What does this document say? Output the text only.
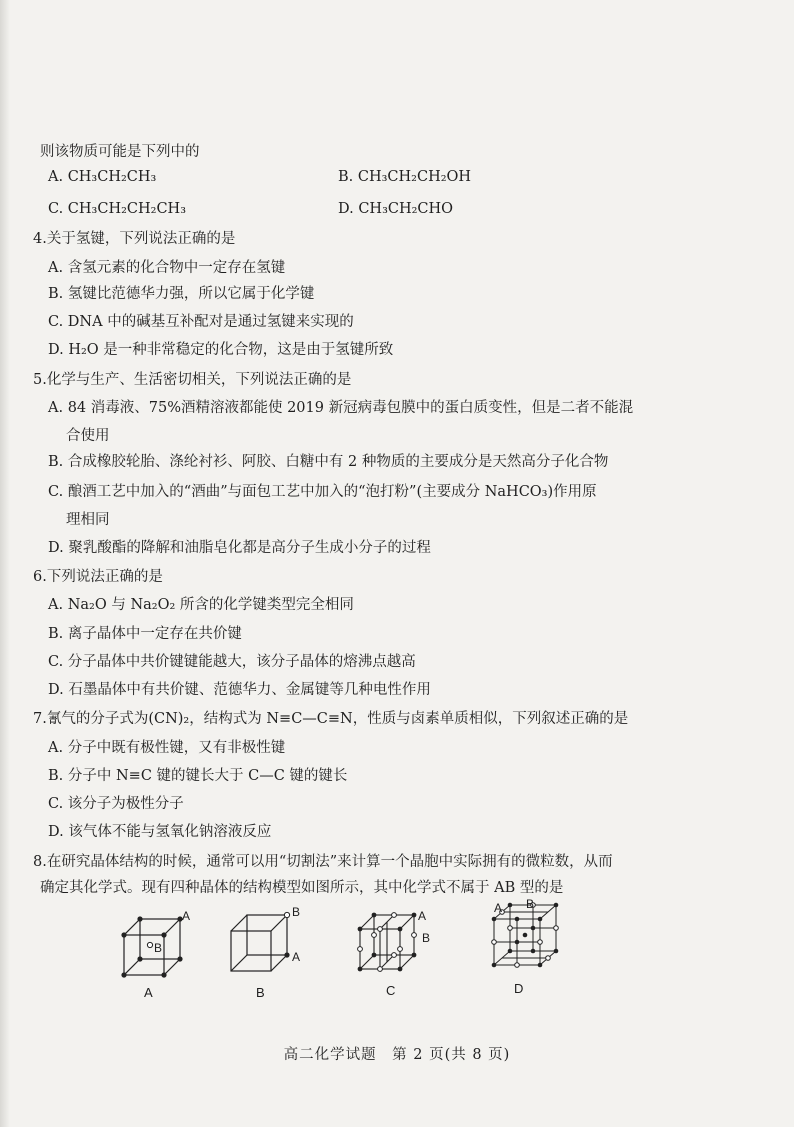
则该物质可能是下列中的
A. CH₃CH₂CH₃	B. CH₃CH₂CH₂OH
C. CH₃CH₂CH₂CH₃	D. CH₃CH₂CHO
4.关于氢键，下列说法正确的是
A. 含氢元素的化合物中一定存在氢键
B. 氢键比范德华力强，所以它属于化学键
C. DNA 中的碱基互补配对是通过氢键来实现的
D. H₂O 是一种非常稳定的化合物，这是由于氢键所致
5.化学与生产、生活密切相关，下列说法正确的是
A. 84 消毒液、75%酒精溶液都能使 2019 新冠病毒包膜中的蛋白质变性，但是二者不能混
合使用
B. 合成橡胶轮胎、涤纶衬衫、阿胶、白糖中有 2 种物质的主要成分是天然高分子化合物
C. 酿酒工艺中加入的“酒曲”与面包工艺中加入的“泡打粉”(主要成分 NaHCO₃)作用原
理相同
D. 聚乳酸酯的降解和油脂皂化都是高分子生成小分子的过程
6.下列说法正确的是
A. Na₂O 与 Na₂O₂ 所含的化学键类型完全相同
B. 离子晶体中一定存在共价键
C. 分子晶体中共价键键能越大，该分子晶体的熔沸点越高
D. 石墨晶体中有共价键、范德华力、金属键等几种电性作用
7.氰气的分子式为(CN)₂，结构式为 N≡C—C≡N，性质与卤素单质相似，下列叙述正确的是
A. 分子中既有极性键，又有非极性键
B. 分子中 N≡C 键的键长大于 C—C 键的键长
C. 该分子为极性分子
D. 该气体不能与氢氧化钠溶液反应
8.在研究晶体结构的时候，通常可以用“切割法”来计算一个晶胞中实际拥有的微粒数，从而
确定其化学式。现有四种晶体的结构模型如图所示，其中化学式不属于 AB 型的是
A
B
A
B
A
B
A
B
C
A B
D
高二化学试题　第 2 页(共 8 页)
